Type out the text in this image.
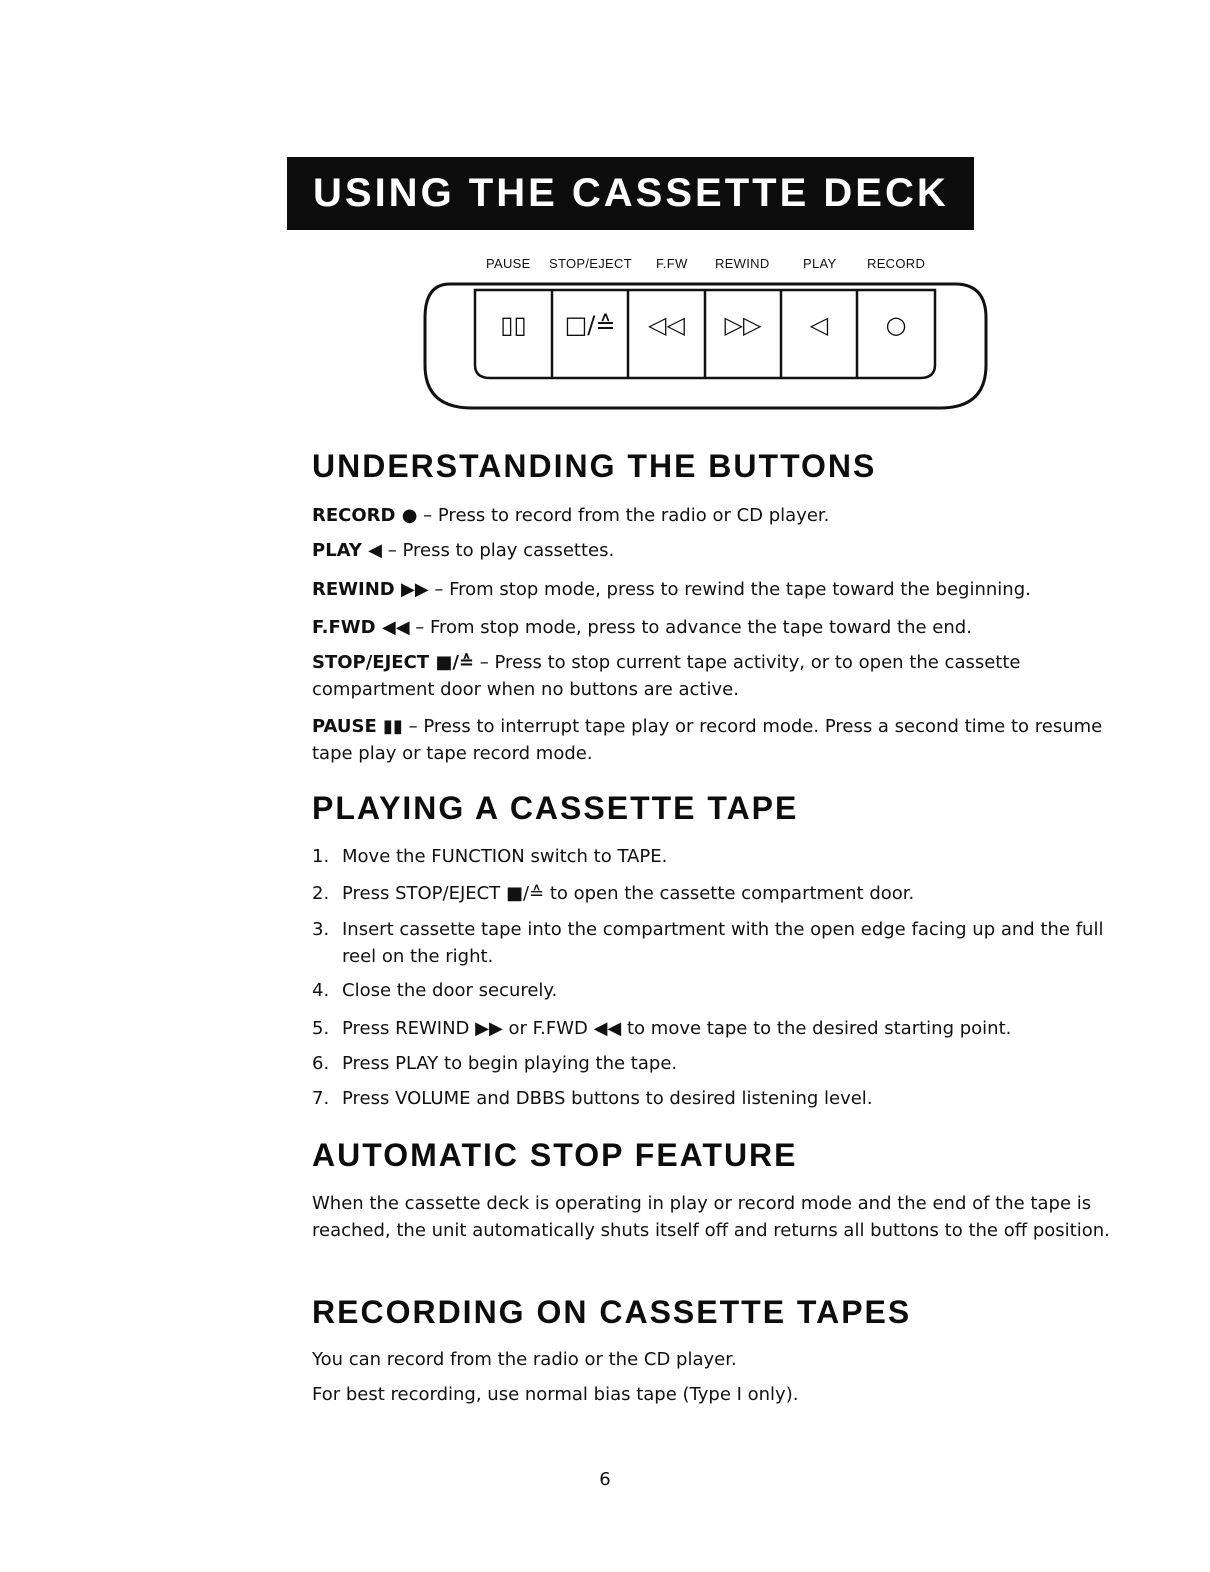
USING THE CASSETTE DECK
PAUSE STOP/EJECT F.FW REWIND	PLAY RECORD
▯▯ □/≙ ◁◁ ▷▷ ◁ ○
UNDERSTANDING THE BUTTONS

RECORD ● – Press to record from the radio or CD player.

PLAY ◀ – Press to play cassettes.

REWIND ▶▶ – From stop mode, press to rewind the tape toward the beginning.

F.FWD ◀◀ – From stop mode, press to advance the tape toward the end.

STOP/EJECT ■/≙ – Press to stop current tape activity, or to open the cassette compartment door when no buttons are active.

PAUSE ▮▮ – Press to interrupt tape play or record mode. Press a second time to resume tape play or tape record mode.

PLAYING A CASSETTE TAPE

1. Move the FUNCTION switch to TAPE.

2. Press STOP/EJECT ■/≙ to open the cassette compartment door.

3. Insert cassette tape into the compartment with the open edge facing up and the full reel on the right.

4. Close the door securely.

5. Press REWIND ▶▶ or F.FWD ◀◀ to move tape to the desired starting point.

6. Press PLAY to begin playing the tape.

7. Press VOLUME and DBBS buttons to desired listening level.

AUTOMATIC STOP FEATURE

When the cassette deck is operating in play or record mode and the end of the tape is reached, the unit automatically shuts itself off and returns all buttons to the off position.

RECORDING ON CASSETTE TAPES

You can record from the radio or the CD player.

For best recording, use normal bias tape (Type I only).

6
